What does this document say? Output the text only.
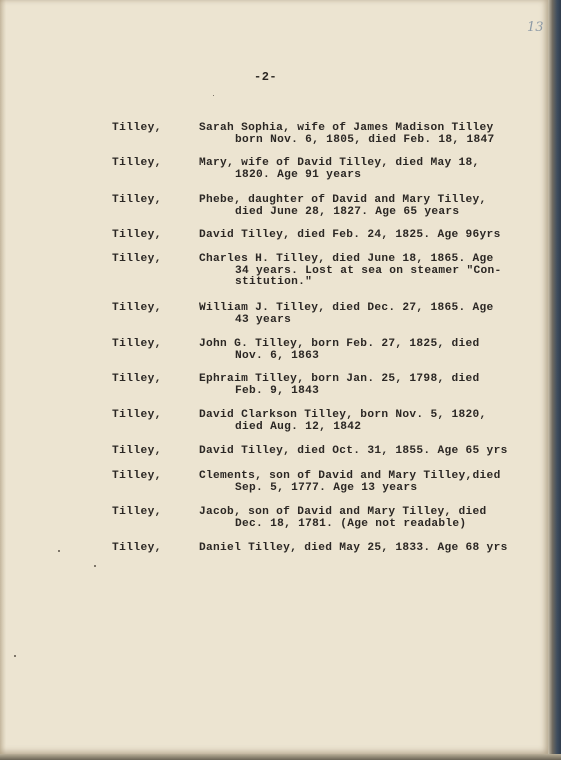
13
-2-
Tilley,	Sarah Sophia, wife of James Madison Tilley
born Nov. 6, 1805, died Feb. 18, 1847
Tilley,	Mary, wife of David Tilley, died May 18,
1820. Age 91 years
Tilley,	Phebe, daughter of David and Mary Tilley,
died June 28, 1827. Age 65 years
Tilley,	David Tilley, died Feb. 24, 1825. Age 96yrs
Tilley,	Charles H. Tilley, died June 18, 1865. Age
34 years. Lost at sea on steamer "Con-
stitution."
Tilley,	William J. Tilley, died Dec. 27, 1865. Age
43 years
Tilley,	John G. Tilley, born Feb. 27, 1825, died
Nov. 6, 1863
Tilley,	Ephraim Tilley, born Jan. 25, 1798, died
Feb. 9, 1843
Tilley,	David Clarkson Tilley, born Nov. 5, 1820,
died Aug. 12, 1842
Tilley,	David Tilley, died Oct. 31, 1855. Age 65 yrs
Tilley,	Clements, son of David and Mary Tilley,died
Sep. 5, 1777. Age 13 years
Tilley,	Jacob, son of David and Mary Tilley, died
Dec. 18, 1781. (Age not readable)
Tilley,	Daniel Tilley, died May 25, 1833. Age 68 yrs
